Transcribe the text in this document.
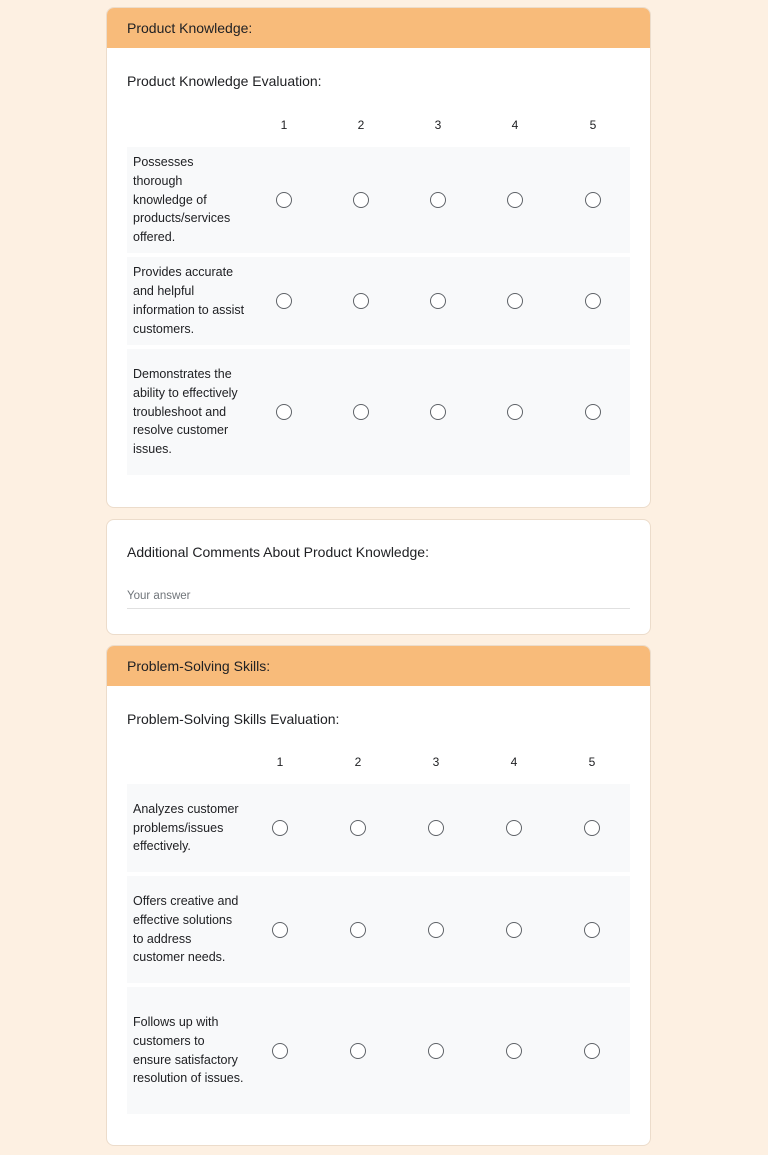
Product Knowledge:
Product Knowledge Evaluation:
1	2	3	4	5
Possesses thorough knowledge of products/services offered.
Provides accurate and helpful information to assist customers.
Demonstrates the ability to effectively troubleshoot and resolve customer issues.
Additional Comments About Product Knowledge:
Your answer
Problem-Solving Skills:
Problem-Solving Skills Evaluation:
1	2	3	4	5
Analyzes customer problems/issues effectively.
Offers creative and effective solutions to address customer needs.
Follows up with customers to ensure satisfactory resolution of issues.
